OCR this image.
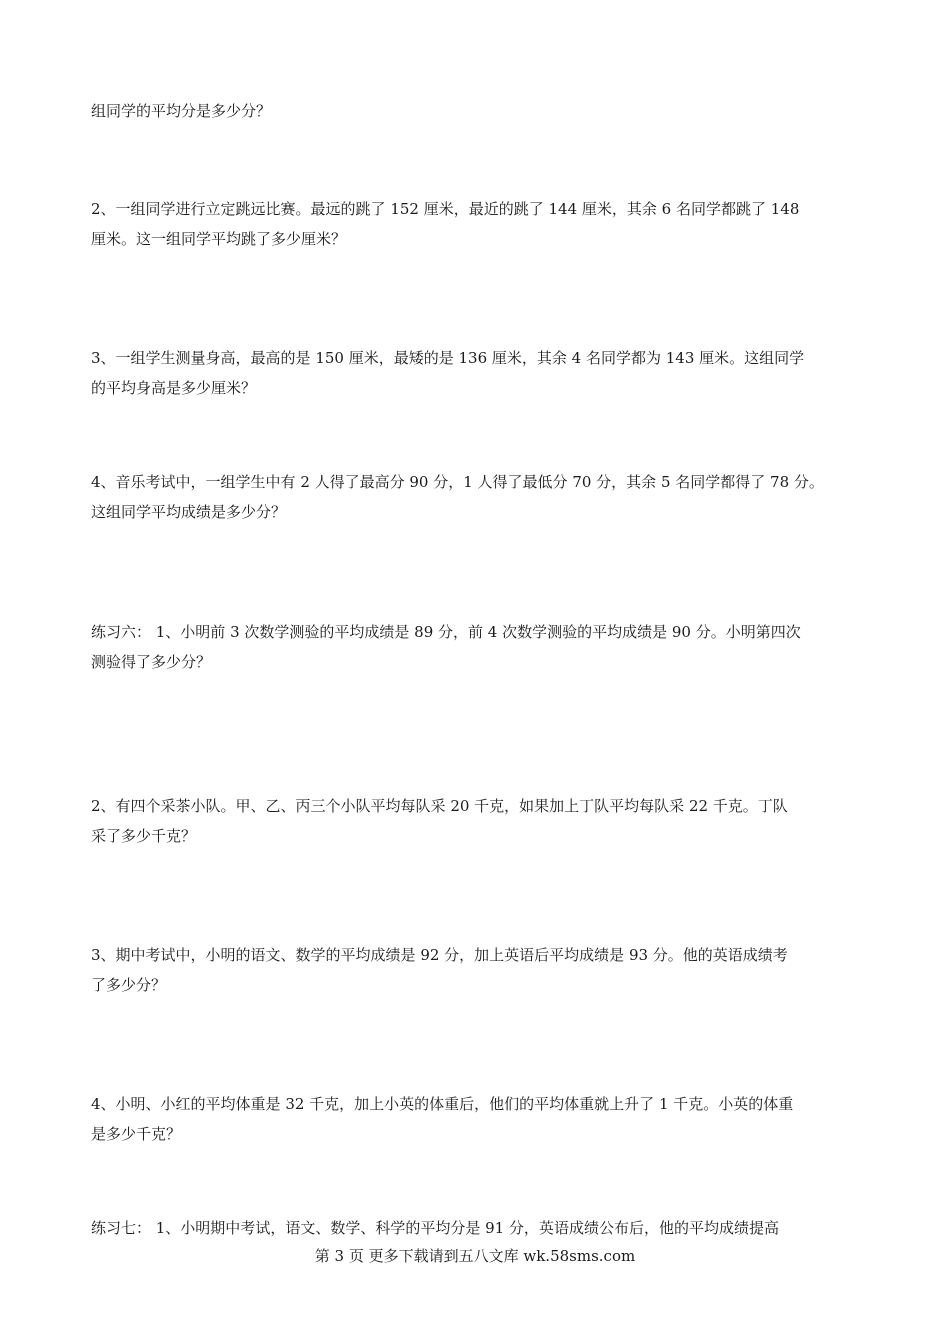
组同学的平均分是多少分？
2、一组同学进行立定跳远比赛。最远的跳了 152 厘米，最近的跳了 144 厘米，其余 6 名同学都跳了 148
厘米。这一组同学平均跳了多少厘米？
3、一组学生测量身高，最高的是 150 厘米，最矮的是 136 厘米，其余 4 名同学都为 143 厘米。这组同学
的平均身高是多少厘米？
4、音乐考试中，一组学生中有 2 人得了最高分 90 分，1 人得了最低分 70 分，其余 5 名同学都得了 78 分。
这组同学平均成绩是多少分？
练习六： 1、小明前 3 次数学测验的平均成绩是 89 分，前 4 次数学测验的平均成绩是 90 分。小明第四次
测验得了多少分？
2、有四个采茶小队。甲、乙、丙三个小队平均每队采 20 千克，如果加上丁队平均每队采 22 千克。丁队
采了多少千克？
3、期中考试中，小明的语文、数学的平均成绩是 92 分，加上英语后平均成绩是 93 分。他的英语成绩考
了多少分？
4、小明、小红的平均体重是 32 千克，加上小英的体重后，他们的平均体重就上升了 1 千克。小英的体重
是多少千克？
练习七： 1、小明期中考试，语文、数学、科学的平均分是 91 分，英语成绩公布后，他的平均成绩提高
第 3 页 更多下载请到五八文库 wk.58sms.com
